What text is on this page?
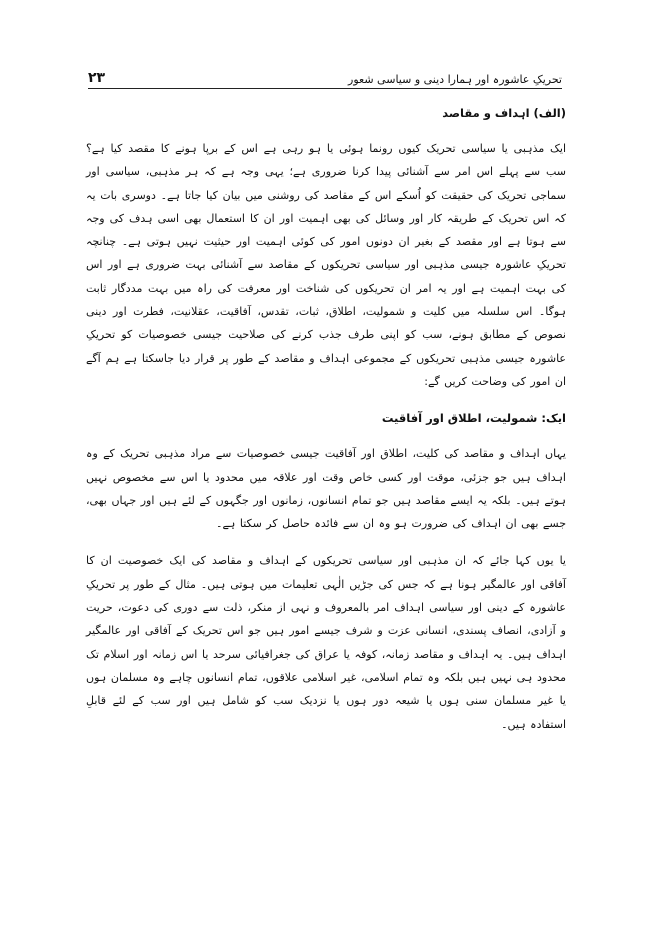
تحریکِ عاشورہ اور ہمارا دینی و سیاسی شعور
۲۳

(الف) اہداف و مقاصد

ایک مذہبی یا سیاسی تحریک کیوں رونما ہوئی یا ہو رہی ہے اس کے برپا ہونے کا مقصد کیا ہے؟ سب سے پہلے اس امر سے آشنائی پیدا کرنا ضروری ہے؛ یہی وجہ ہے کہ ہر مذہبی، سیاسی اور سماجی تحریک کی حقیقت کو اُسکے اس کے مقاصد کی روشنی میں بیان کیا جاتا ہے۔ دوسری بات یہ کہ اس تحریک کے طریقہ کار اور وسائل کی بھی اہمیت اور ان کا استعمال بھی اسی ہدف کی وجہ سے ہوتا ہے اور مقصد کے بغیر ان دونوں امور کی کوئی اہمیت اور حیثیت نہیں ہوتی ہے۔ چنانچہ تحریکِ عاشورہ جیسی مذہبی اور سیاسی تحریکوں کے مقاصد سے آشنائی بہت ضروری ہے اور اس کی بہت اہمیت ہے اور یہ امر ان تحریکوں کی شناخت اور معرفت کی راہ میں بہت مددگار ثابت ہوگا۔ اس سلسلہ میں کلیت و شمولیت، اطلاق، ثبات، تقدس، آفاقیت، عقلانیت، فطرت اور دینی نصوص کے مطابق ہونے، سب کو اپنی طرف جذب کرنے کی صلاحیت جیسی خصوصیات کو تحریکِ عاشورہ جیسی مذہبی تحریکوں کے مجموعی اہداف و مقاصد کے طور پر قرار دیا جاسکتا ہے ہم آگے ان امور کی وضاحت کریں گے:

ایک: شمولیت، اطلاق اور آفاقیت

یہاں اہداف و مقاصد کی کلیت، اطلاق اور آفاقیت جیسی خصوصیات سے مراد مذہبی تحریک کے وہ اہداف ہیں جو جزئی، موقت اور کسی خاص وقت اور علاقہ میں محدود یا اس سے مخصوص نہیں ہوتے ہیں۔ بلکہ یہ ایسے مقاصد ہیں جو تمام انسانوں، زمانوں اور جگہوں کے لئے ہیں اور جہاں بھی، جسے بھی ان اہداف کی ضرورت ہو وہ ان سے فائدہ حاصل کر سکتا ہے۔

یا یوں کہا جائے کہ ان مذہبی اور سیاسی تحریکوں کے اہداف و مقاصد کی ایک خصوصیت ان کا آفاقی اور عالمگیر ہونا ہے کہ جس کی جڑیں الٰہی تعلیمات میں ہوتی ہیں۔ مثال کے طور پر تحریکِ عاشورہ کے دینی اور سیاسی اہداف امر بالمعروف و نہی از منکر، ذلت سے دوری کی دعوت، حریت و آزادی، انصاف پسندی، انسانی عزت و شرف جیسے امور ہیں جو اس تحریک کے آفاقی اور عالمگیر اہداف ہیں۔ یہ اہداف و مقاصد زمانہ، کوفہ یا عراق کی جغرافیائی سرحد یا اس زمانہ اور اسلام تک محدود ہی نہیں ہیں بلکہ وہ تمام اسلامی، غیر اسلامی علاقوں، تمام انسانوں چاہے وہ مسلمان ہوں یا غیر مسلمان سنی ہوں یا شیعہ دور ہوں یا نزدیک سب کو شامل ہیں اور سب کے لئے قابلِ استفادہ ہیں۔
